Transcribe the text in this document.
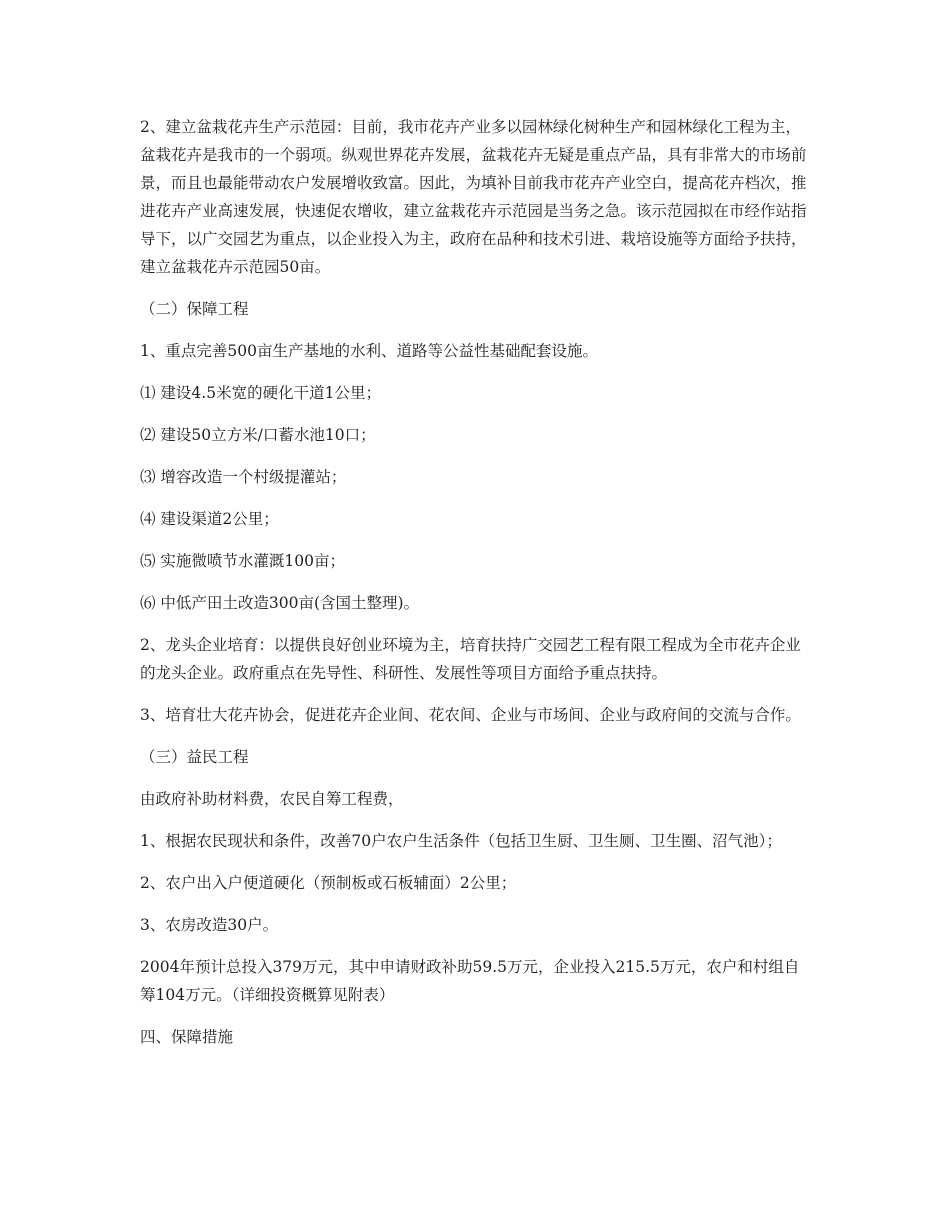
2、建立盆栽花卉生产示范园：目前，我市花卉产业多以园林绿化树种生产和园林绿化工程为主，盆栽花卉是我市的一个弱项。纵观世界花卉发展，盆栽花卉无疑是重点产品，具有非常大的市场前景，而且也最能带动农户发展增收致富。因此，为填补目前我市花卉产业空白，提高花卉档次，推进花卉产业高速发展，快速促农增收，建立盆栽花卉示范园是当务之急。该示范园拟在市经作站指导下，以广交园艺为重点，以企业投入为主，政府在品种和技术引进、栽培设施等方面给予扶持，建立盆栽花卉示范园50亩。

（二）保障工程

1、重点完善500亩生产基地的水利、道路等公益性基础配套设施。

⑴ 建设4.5米宽的硬化干道1公里；

⑵ 建设50立方米/口蓄水池10口；

⑶ 增容改造一个村级提灌站；

⑷ 建设渠道2公里；

⑸ 实施微喷节水灌溉100亩；

⑹ 中低产田土改造300亩(含国土整理)。

2、龙头企业培育：以提供良好创业环境为主，培育扶持广交园艺工程有限工程成为全市花卉企业的龙头企业。政府重点在先导性、科研性、发展性等项目方面给予重点扶持。

3、培育壮大花卉协会，促进花卉企业间、花农间、企业与市场间、企业与政府间的交流与合作。

（三）益民工程

由政府补助材料费，农民自筹工程费，

1、根据农民现状和条件，改善70户农户生活条件（包括卫生厨、卫生厕、卫生圈、沼气池）；

2、农户出入户便道硬化（预制板或石板辅面）2公里；

3、农房改造30户。

2004年预计总投入379万元，其中申请财政补助59.5万元，企业投入215.5万元，农户和村组自筹104万元。（详细投资概算见附表）

四、保障措施
